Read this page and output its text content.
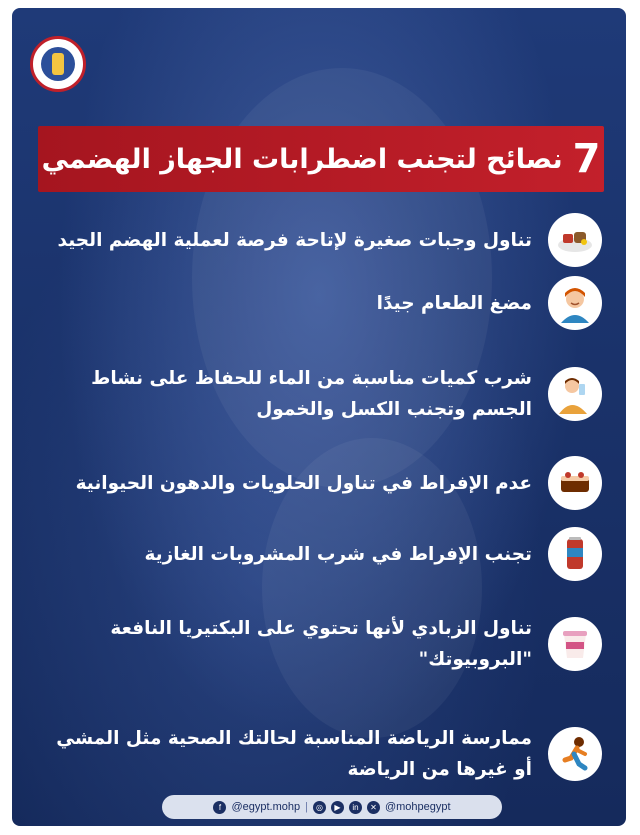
7
نصائح لتجنب اضطرابات الجهاز الهضمي
تناول وجبات صغيرة لإتاحة فرصة لعملية الهضم الجيد
مضغ الطعام جيدًا
شرب كميات مناسبة من الماء للحفاظ على نشاط الجسم وتجنب الكسل والخمول
عدم الإفراط في تناول الحلويات والدهون الحيوانية
تجنب الإفراط في شرب المشروبات الغازية
تناول الزبادي لأنها تحتوي على البكتيريا النافعة "البروبيوتك"
ممارسة الرياضة المناسبة لحالتك الصحية مثل المشي أو غيرها من الرياضة
f @egypt.mohp |	◎	▶	in	✕ @mohpegypt
